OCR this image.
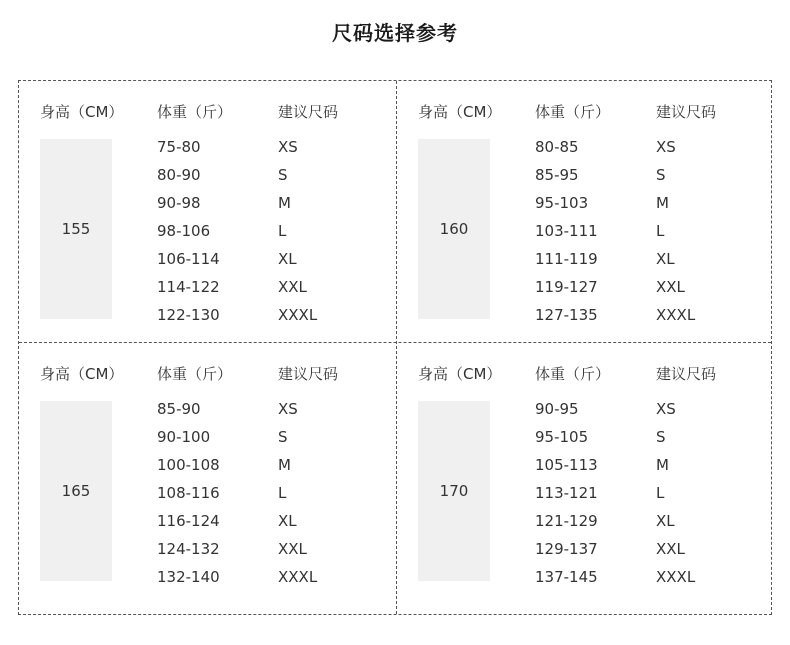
尺码选择参考
身高（CM） 体重（斤）	建议尺码
155
75-80	XS
80-90	S
90-98	M
98-106	L
106-114	XL
114-122	XXL
122-130	XXXL
身高（CM） 体重（斤）	建议尺码
160
80-85	XS
85-95	S
95-103	M
103-111	L
111-119	XL
119-127	XXL
127-135	XXXL
身高（CM） 体重（斤）	建议尺码
165
85-90	XS
90-100	S
100-108	M
108-116	L
116-124	XL
124-132	XXL
132-140	XXXL
身高（CM） 体重（斤）	建议尺码
170
90-95	XS
95-105	S
105-113	M
113-121	L
121-129	XL
129-137	XXL
137-145	XXXL
